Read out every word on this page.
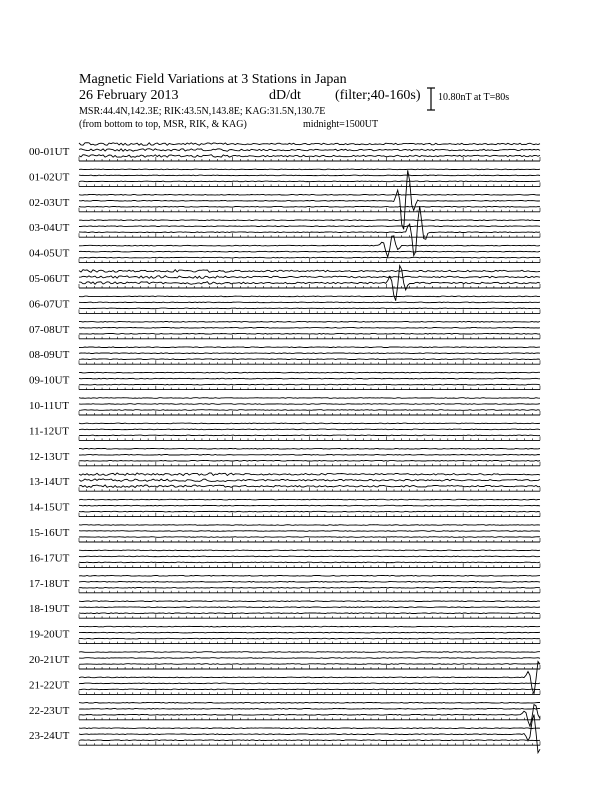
Magnetic Field Variations at 3 Stations in Japan
26 February 2013	dD/dt (filter;40-160s)
MSR:44.4N,142.3E; RIK:43.5N,143.8E; KAG:31.5N,130.7E
(from bottom to top, MSR, RIK, & KAG)	midnight=1500UT
10.80nT at T=80s
00-01UT
01-02UT
02-03UT
03-04UT
04-05UT
05-06UT
06-07UT
07-08UT
08-09UT
09-10UT
10-11UT
11-12UT
12-13UT
13-14UT
14-15UT
15-16UT
16-17UT
17-18UT
18-19UT
19-20UT
20-21UT
21-22UT
22-23UT
23-24UT
